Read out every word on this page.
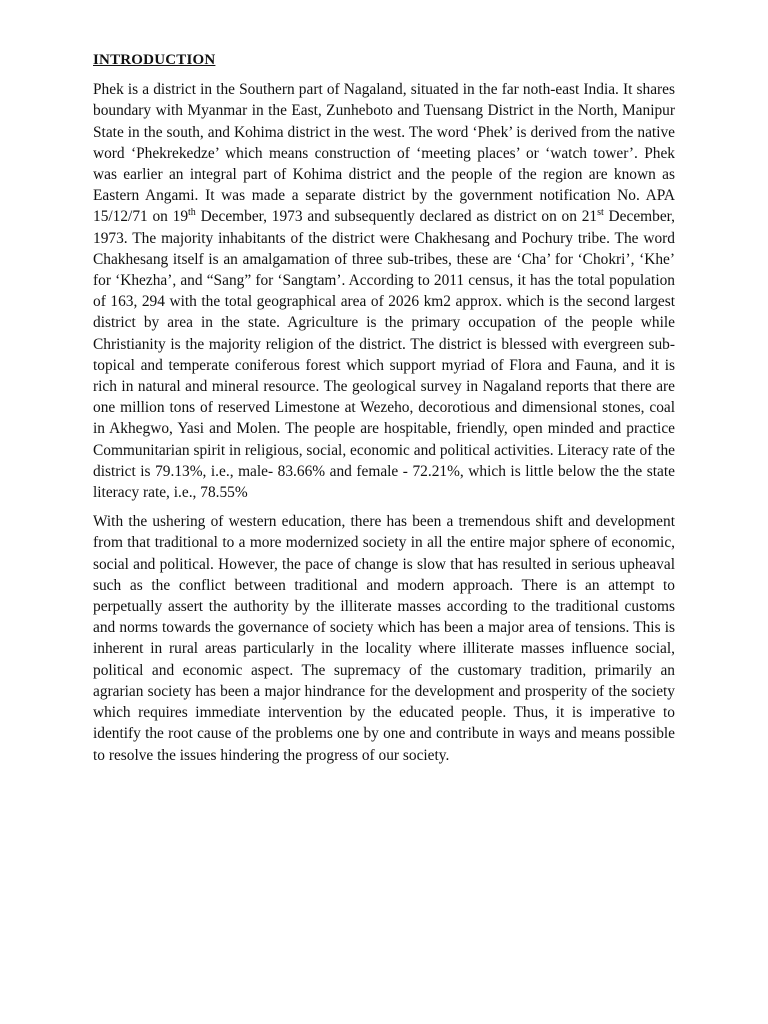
INTRODUCTION

Phek is a district in the Southern part of Nagaland, situated in the far noth-east India. It shares boundary with Myanmar in the East, Zunheboto and Tuensang District in the North, Manipur State in the south, and Kohima district in the west. The word ‘Phek’ is derived from the native word ‘Phekrekedze’ which means construction of ‘meeting places’ or ‘watch tower’. Phek was earlier an integral part of Kohima district and the people of the region are known as Eastern Angami. It was made a separate district by the government notification No. APA 15/12/71 on 19th December, 1973 and subsequently declared as district on on 21st December, 1973. The majority inhabitants of the district were Chakhesang and Pochury tribe. The word Chakhesang itself is an amalgamation of three sub-tribes, these are ‘Cha’ for ‘Chokri’, ‘Khe’ for ‘Khezha’, and “Sang” for ‘Sangtam’. According to 2011 census, it has the total population of 163, 294 with the total geographical area of 2026 km2 approx. which is the second largest district by area in the state. Agriculture is the primary occupation of the people while Christianity is the majority religion of the district. The district is blessed with evergreen sub-topical and temperate coniferous forest which support myriad of Flora and Fauna, and it is rich in natural and mineral resource. The geological survey in Nagaland reports that there are one million tons of reserved Limestone at Wezeho, decorotious and dimensional stones, coal in Akhegwo, Yasi and Molen. The people are hospitable, friendly, open minded and practice Communitarian spirit in religious, social, economic and political activities. Literacy rate of the district is 79.13%, i.e., male- 83.66% and female - 72.21%, which is little below the the state literacy rate, i.e., 78.55%

With the ushering of western education, there has been a tremendous shift and development from that traditional to a more modernized society in all the entire major sphere of economic, social and political. However, the pace of change is slow that has resulted in serious upheaval such as the conflict between traditional and modern approach. There is an attempt to perpetually assert the authority by the illiterate masses according to the traditional customs and norms towards the governance of society which has been a major area of tensions. This is inherent in rural areas particularly in the locality where illiterate masses influence social, political and economic aspect. The supremacy of the customary tradition, primarily an agrarian society has been a major hindrance for the development and prosperity of the society which requires immediate intervention by the educated people. Thus, it is imperative to identify the root cause of the problems one by one and contribute in ways and means possible to resolve the issues hindering the progress of our society.
